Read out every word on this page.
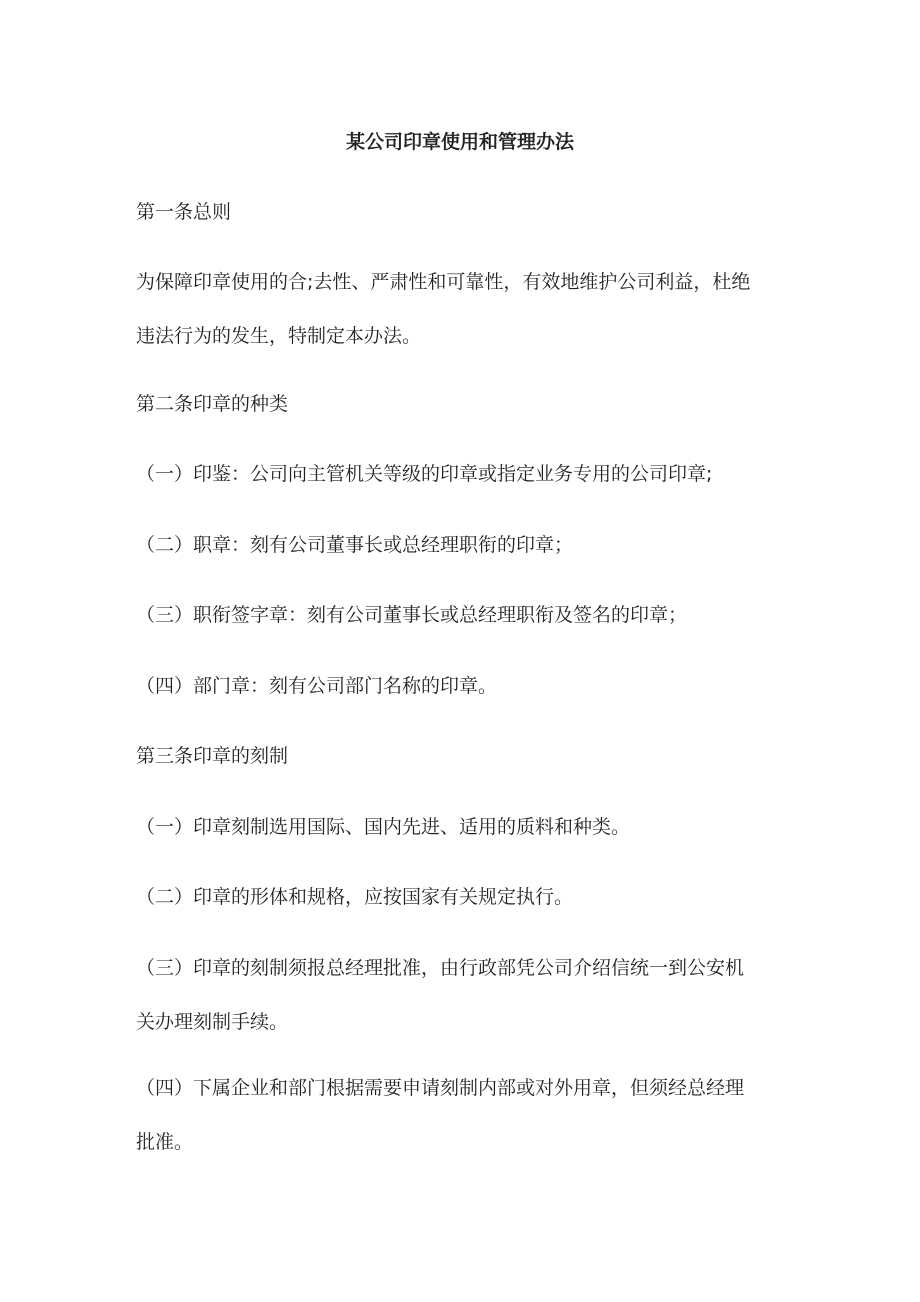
某公司印章使用和管理办法

第一条总则

为保障印章使用的合;去性、严肃性和可靠性，有效地维护公司利益，杜绝
违法行为的发生，特制定本办法。

第二条印章的种类

（一）印鉴：公司向主管机关等级的印章或指定业务专用的公司印章;

（二）职章：刻有公司董事长或总经理职衔的印章；

（三）职衔签字章：刻有公司董事长或总经理职衔及签名的印章；

（四）部门章：刻有公司部门名称的印章。

第三条印章的刻制

（一）印章刻制选用国际、国内先进、适用的质料和种类。

（二）印章的形体和规格，应按国家有关规定执行。

（三）印章的刻制须报总经理批准，由行政部凭公司介绍信统一到公安机
关办理刻制手续。

（四）下属企业和部门根据需要申请刻制内部或对外用章，但须经总经理
批准。
